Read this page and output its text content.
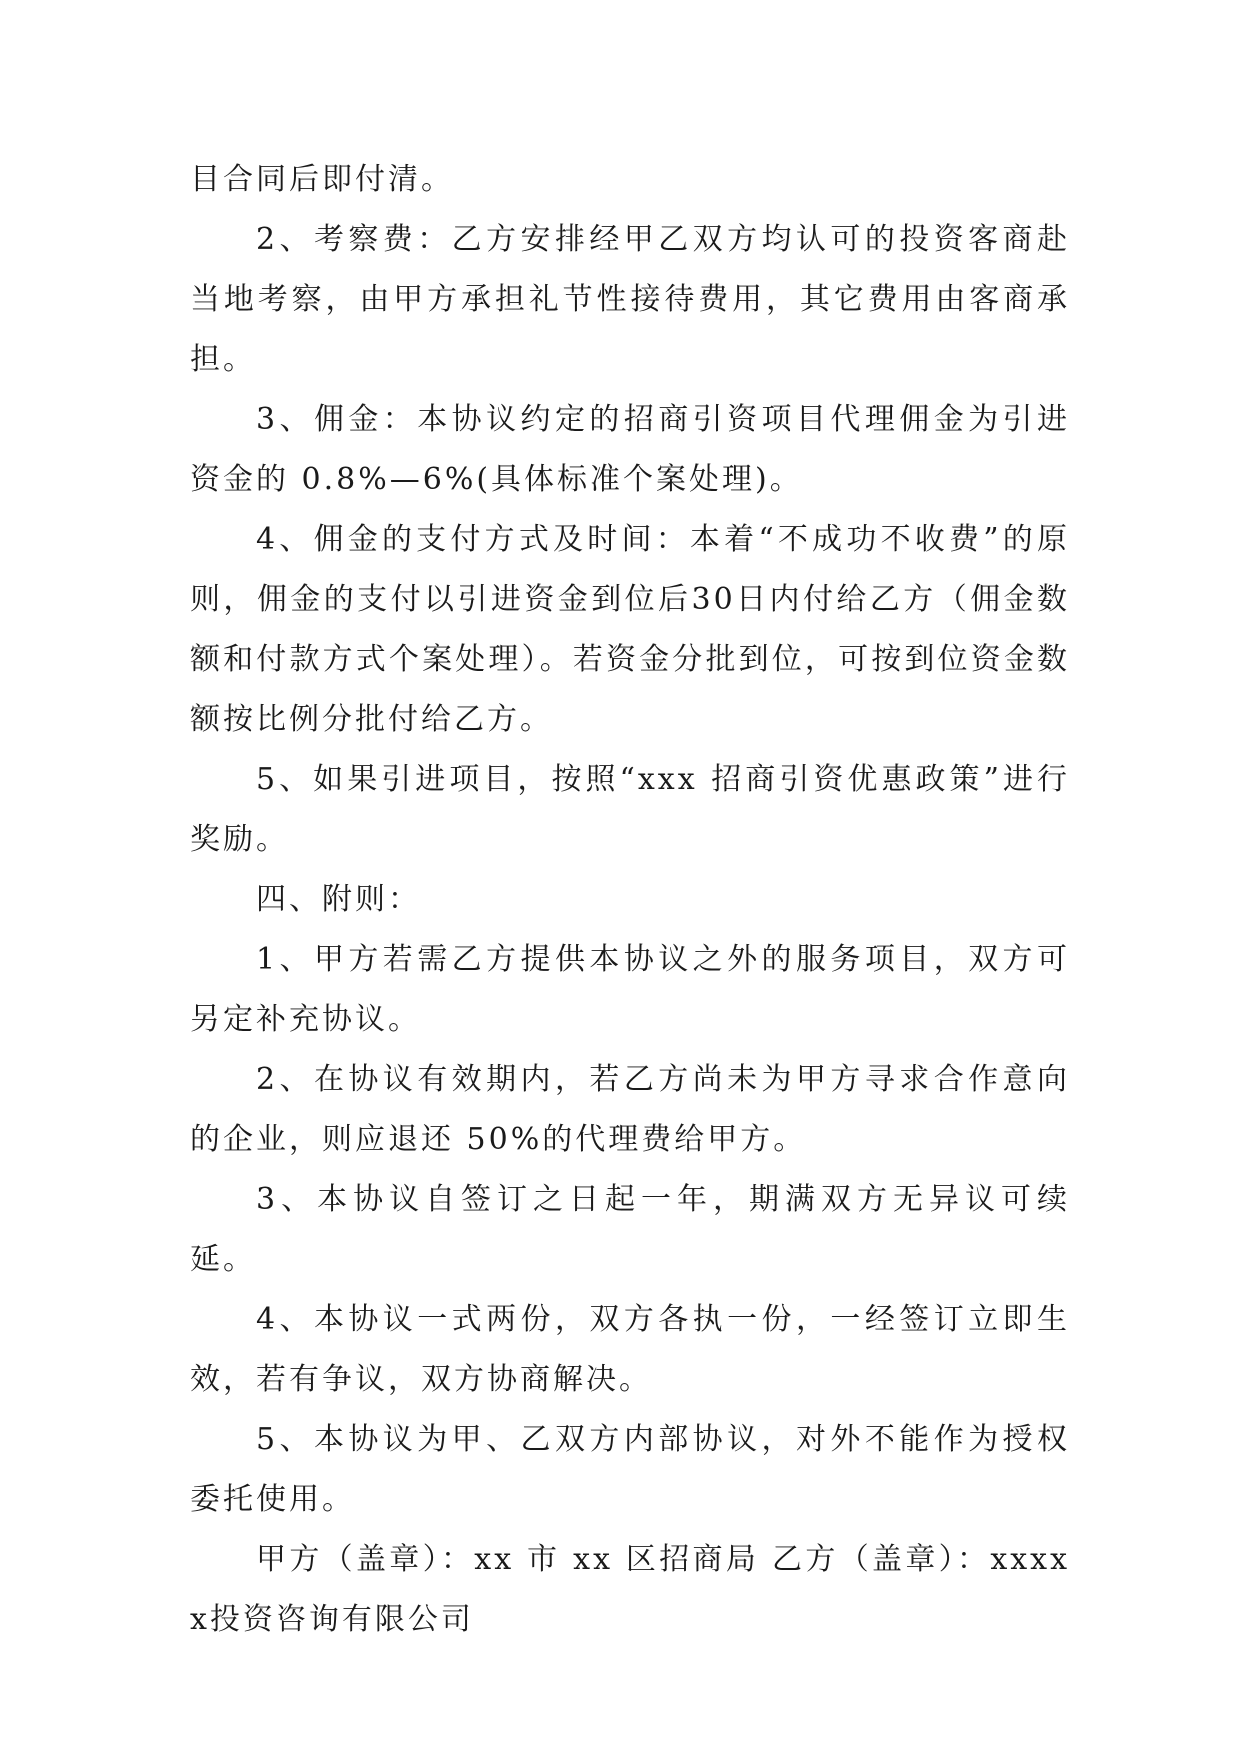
目合同后即付清。

2、考察费：乙方安排经甲乙双方均认可的投资客商赴当地考察，由甲方承担礼节性接待费用，其它费用由客商承担。

3、佣金：本协议约定的招商引资项目代理佣金为引进资金的 0.8%—6%(具体标准个案处理)。

4、佣金的支付方式及时间：本着“不成功不收费”的原则，佣金的支付以引进资金到位后30日内付给乙方（佣金数额和付款方式个案处理）。若资金分批到位，可按到位资金数额按比例分批付给乙方。

5、如果引进项目，按照“xxx 招商引资优惠政策”进行奖励。

四、附则：

1、甲方若需乙方提供本协议之外的服务项目，双方可另定补充协议。

2、在协议有效期内，若乙方尚未为甲方寻求合作意向的企业，则应退还 50%的代理费给甲方。

3、本协议自签订之日起一年，期满双方无异议可续延。

4、本协议一式两份，双方各执一份，一经签订立即生效，若有争议，双方协商解决。

5、本协议为甲、乙双方内部协议，对外不能作为授权委托使用。

甲方（盖章）：xx 市 xx 区招商局 乙方（盖章）：xxxxx投资咨询有限公司
